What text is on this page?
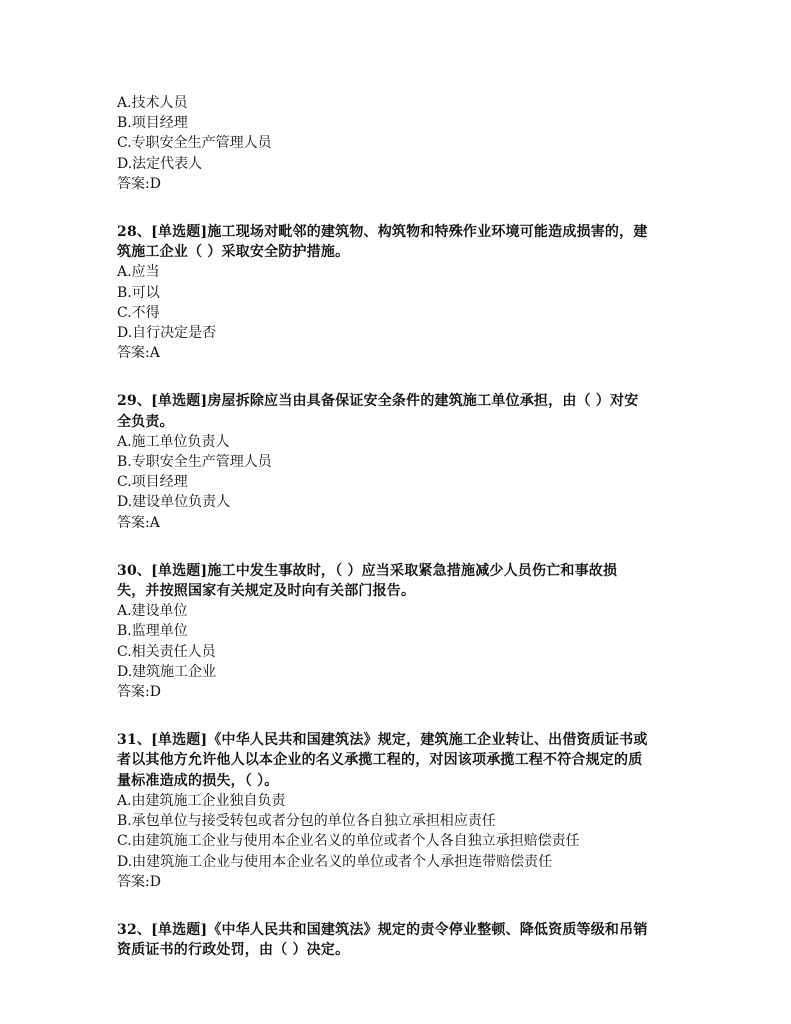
A.技术人员

B.项目经理

C.专职安全生产管理人员

D.法定代表人

答案:D

28、[单选题]施工现场对毗邻的建筑物、构筑物和特殊作业环境可能造成损害的，建

筑施工企业（ ）采取安全防护措施。

A.应当

B.可以

C.不得

D.自行决定是否

答案:A

29、[单选题]房屋拆除应当由具备保证安全条件的建筑施工单位承担，由（ ）对安

全负责。

A.施工单位负责人

B.专职安全生产管理人员

C.项目经理

D.建设单位负责人

答案:A

30、[单选题]施工中发生事故时，（ ）应当采取紧急措施减少人员伤亡和事故损

失，并按照国家有关规定及时向有关部门报告。

A.建设单位

B.监理单位

C.相关责任人员

D.建筑施工企业

答案:D

31、[单选题]《中华人民共和国建筑法》规定，建筑施工企业转让、出借资质证书或

者以其他方允许他人以本企业的名义承揽工程的，对因该项承揽工程不符合规定的质

量标准造成的损失，（ ）。

A.由建筑施工企业独自负责

B.承包单位与接受转包或者分包的单位各自独立承担相应责任

C.由建筑施工企业与使用本企业名义的单位或者个人各自独立承担赔偿责任

D.由建筑施工企业与使用本企业名义的单位或者个人承担连带赔偿责任

答案:D

32、[单选题]《中华人民共和国建筑法》规定的责令停业整顿、降低资质等级和吊销

资质证书的行政处罚，由（ ）决定。
